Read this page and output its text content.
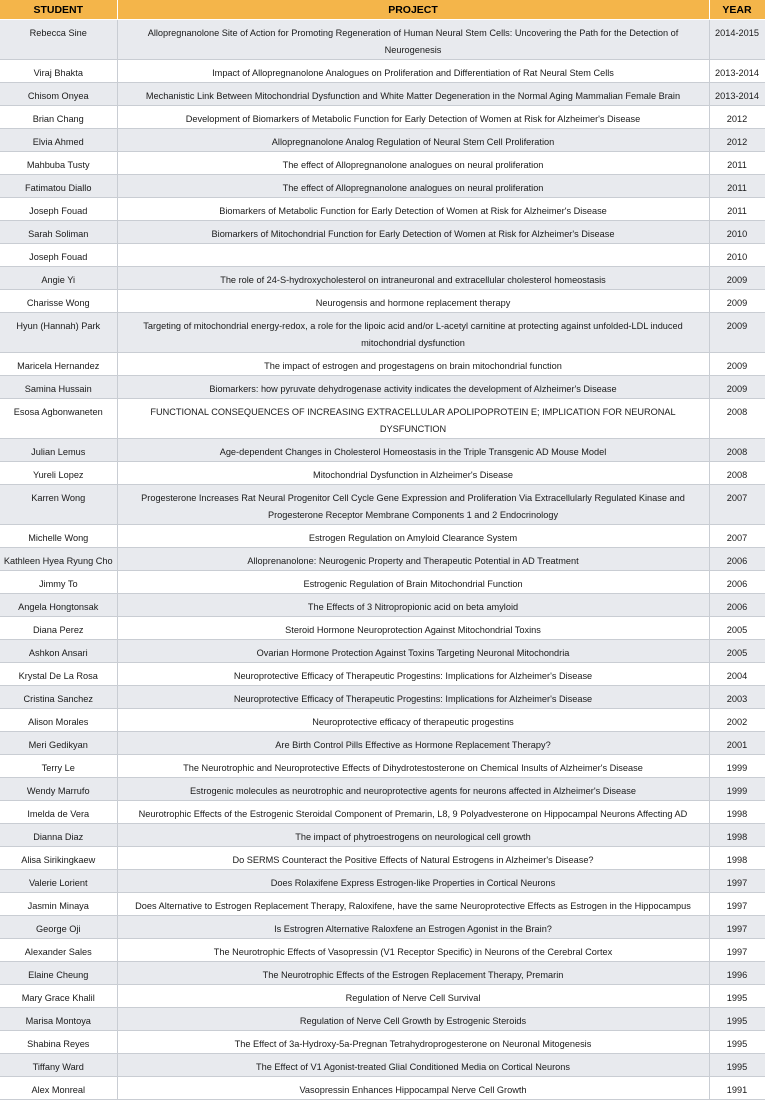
STUDENT	PROJECT	YEAR
Rebecca Sine	Allopregnanolone Site of Action for Promoting Regeneration of Human Neural Stem Cells: Uncovering the Path for the Detection of Neurogenesis	2014-2015
Viraj Bhakta	Impact of Allopregnanolone Analogues on Proliferation and Differentiation of Rat Neural Stem Cells	2013-2014
Chisom Onyea	Mechanistic Link Between Mitochondrial Dysfunction and White Matter Degeneration in the Normal Aging Mammalian Female Brain	2013-2014
Brian Chang	Development of Biomarkers of Metabolic Function for Early Detection of Women at Risk for Alzheimer's Disease	2012
Elvia Ahmed	Allopregnanolone Analog Regulation of Neural Stem Cell Proliferation	2012
Mahbuba Tusty	The effect of Allopregnanolone analogues on neural proliferation	2011
Fatimatou Diallo	The effect of Allopregnanolone analogues on neural proliferation	2011
Joseph Fouad	Biomarkers of Metabolic Function for Early Detection of Women at Risk for Alzheimer's Disease	2011
Sarah Soliman	Biomarkers of Mitochondrial Function for Early Detection of Women at Risk for Alzheimer's Disease	2010
Joseph Fouad		2010
Angie Yi	The role of 24-S-hydroxycholesterol on intraneuronal and extracellular cholesterol homeostasis	2009
Charisse Wong	Neurogensis and hormone replacement therapy	2009
Hyun (Hannah) Park	Targeting of mitochondrial energy-redox, a role for the lipoic acid and/or L-acetyl carnitine at protecting against unfolded-LDL induced mitochondrial dysfunction	2009
Maricela Hernandez	The impact of estrogen and progestagens on brain mitochondrial function	2009
Samina Hussain	Biomarkers: how pyruvate dehydrogenase activity indicates the development of Alzheimer's Disease	2009
Esosa Agbonwaneten	FUNCTIONAL CONSEQUENCES OF INCREASING EXTRACELLULAR APOLIPOPROTEIN E; IMPLICATION FOR NEURONAL DYSFUNCTION	2008
Julian Lemus	Age-dependent Changes in Cholesterol Homeostasis in the Triple Transgenic AD Mouse Model	2008
Yureli Lopez	Mitochondrial Dysfunction in Alzheimer's Disease	2008
Karren Wong	Progesterone Increases Rat Neural Progenitor Cell Cycle Gene Expression and Proliferation Via Extracellularly Regulated Kinase and Progesterone Receptor Membrane Components 1 and 2 Endocrinology	2007
Michelle Wong	Estrogen Regulation on Amyloid Clearance System	2007
Kathleen Hyea Ryung Cho	Alloprenanolone: Neurogenic Property and Therapeutic Potential in AD Treatment	2006
Jimmy To	Estrogenic Regulation of Brain Mitochondrial Function	2006
Angela Hongtonsak	The Effects of 3 Nitropropionic acid on beta amyloid	2006
Diana Perez	Steroid Hormone Neuroprotection Against Mitochondrial Toxins	2005
Ashkon Ansari	Ovarian Hormone Protection Against Toxins Targeting Neuronal Mitochondria	2005
Krystal De La Rosa	Neuroprotective Efficacy of Therapeutic Progestins: Implications for Alzheimer's Disease	2004
Cristina Sanchez	Neuroprotective Efficacy of Therapeutic Progestins: Implications for Alzheimer's Disease	2003
Alison Morales	Neuroprotective efficacy of therapeutic progestins	2002
Meri Gedikyan	Are Birth Control Pills Effective as Hormone Replacement Therapy?	2001
Terry Le	The Neurotrophic and Neuroprotective Effects of Dihydrotestosterone on Chemical Insults of Alzheimer's Disease	1999
Wendy Marrufo	Estrogenic molecules as neurotrophic and neuroprotective agents for neurons affected in Alzheimer's Disease	1999
Imelda de Vera	Neurotrophic Effects of the Estrogenic Steroidal Component of Premarin, L8, 9 Polyadvesterone on Hippocampal Neurons Affecting AD	1998
Dianna Diaz	The impact of phytroestrogens on neurological cell growth	1998
Alisa Sirikingkaew	Do SERMS Counteract the Positive Effects of Natural Estrogens in Alzheimer's Disease?	1998
Valerie Lorient	Does Rolaxifene Express Estrogen-like Properties in Cortical Neurons	1997
Jasmin Minaya	Does Alternative to Estrogen Replacement Therapy, Raloxifene, have the same Neuroprotective Effects as Estrogen in the Hippocampus	1997
George Oji	Is Estrogren Alternative Raloxfene an Estrogen Agonist in the Brain?	1997
Alexander Sales	The Neurotrophic Effects of Vasopressin (V1 Receptor Specific) in Neurons of the Cerebral Cortex	1997
Elaine Cheung	The Neurotrophic Effects of the Estrogen Replacement Therapy, Premarin	1996
Mary Grace Khalil	Regulation of Nerve Cell Survival	1995
Marisa Montoya	Regulation of Nerve Cell Growth by Estrogenic Steroids	1995
Shabina Reyes	The Effect of 3a-Hydroxy-5a-Pregnan Tetrahydroprogesterone on Neuronal Mitogenesis	1995
Tiffany Ward	The Effect of V1 Agonist-treated Glial Conditioned Media on Cortical Neurons	1995
Alex Monreal	Vasopressin Enhances Hippocampal Nerve Cell Growth	1991
